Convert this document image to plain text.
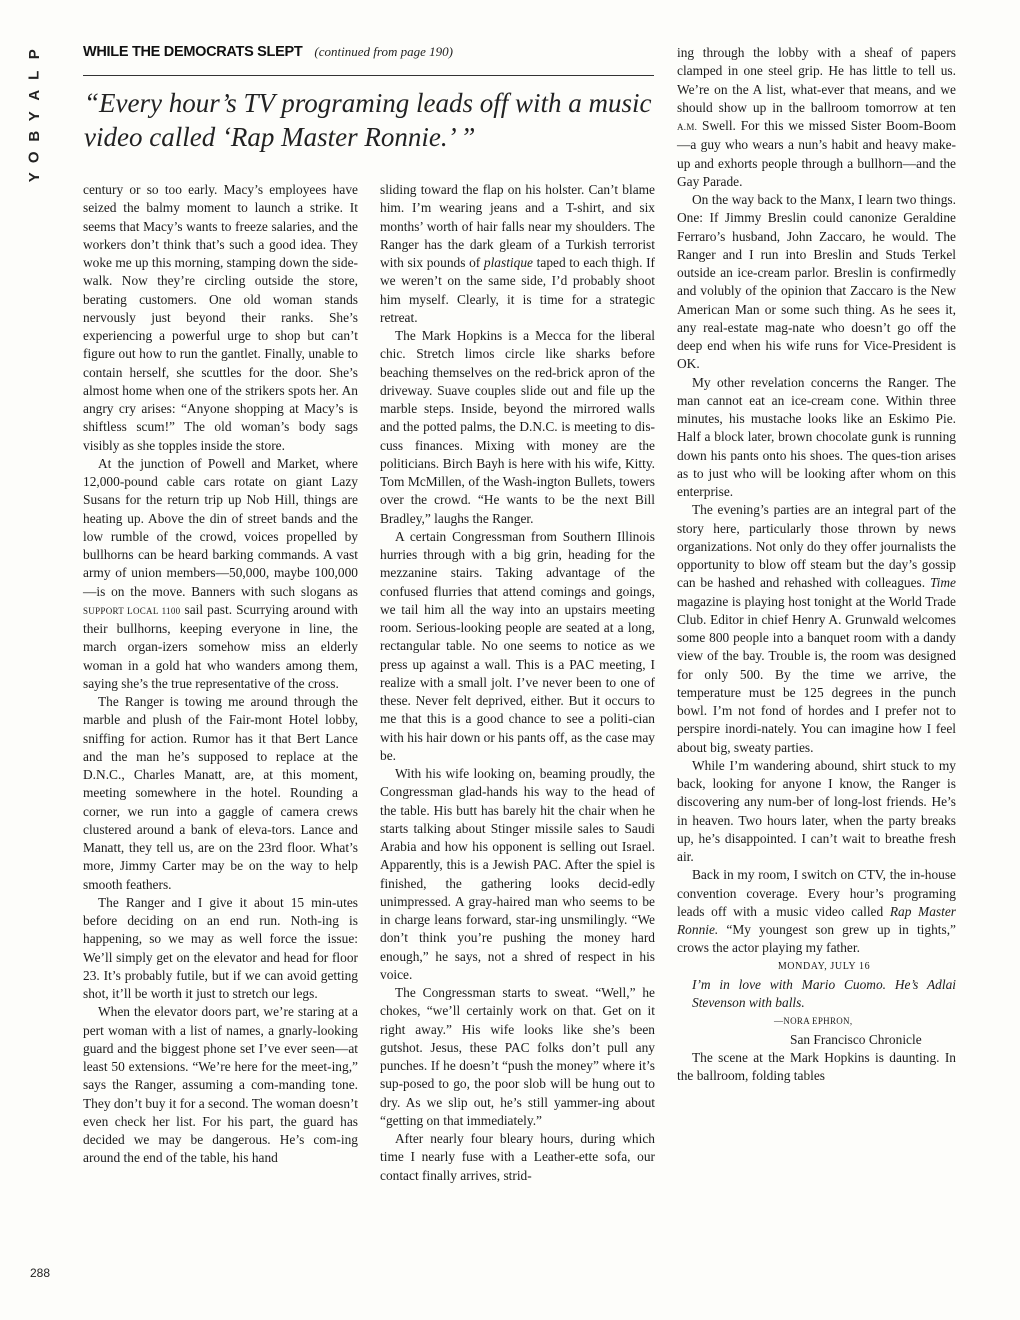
P
L
A
Y
B
O
Y
WHILE THE DEMOCRATS SLEPT (continued from page 190)
“Every hour’s TV programing leads off with a music video called ‘Rap Master Ronnie.’ ”

century or so too early. Macy’s employees have seized the balmy moment to launch a strike. It seems that Macy’s wants to freeze salaries, and the workers don’t think that’s such a good idea. They woke me up this morning, stamping down the side-walk. Now they’re circling outside the store, berating customers. One old woman stands nervously just beyond their ranks. She’s experiencing a powerful urge to shop but can’t figure out how to run the gantlet. Finally, unable to contain herself, she scuttles for the door. She’s almost home when one of the strikers spots her. An angry cry arises: “Anyone shopping at Macy’s is shiftless scum!” The old woman’s body sags visibly as she topples inside the store.

At the junction of Powell and Market, where 12,000-pound cable cars rotate on giant Lazy Susans for the return trip up Nob Hill, things are heating up. Above the din of street bands and the low rumble of the crowd, voices propelled by bullhorns can be heard barking commands. A vast army of union members—50,000, maybe 100,000—is on the move. Banners with such slogans as SUPPORT LOCAL 1100 sail past. Scurrying around with their bullhorns, keeping everyone in line, the march organ-izers somehow miss an elderly woman in a gold hat who wanders among them, saying she’s the true representative of the cross.

The Ranger is towing me around through the marble and plush of the Fair-mont Hotel lobby, sniffing for action. Rumor has it that Bert Lance and the man he’s supposed to replace at the D.N.C., Charles Manatt, are, at this moment, meeting somewhere in the hotel. Rounding a corner, we run into a gaggle of camera crews clustered around a bank of eleva-tors. Lance and Manatt, they tell us, are on the 23rd floor. What’s more, Jimmy Carter may be on the way to help smooth feathers.

The Ranger and I give it about 15 min-utes before deciding on an end run. Noth-ing is happening, so we may as well force the issue: We’ll simply get on the elevator and head for floor 23. It’s probably futile, but if we can avoid getting shot, it’ll be worth it just to stretch our legs.

When the elevator doors part, we’re staring at a pert woman with a list of names, a gnarly-looking guard and the biggest phone set I’ve ever seen—at least 50 extensions. “We’re here for the meet-ing,” says the Ranger, assuming a com-manding tone. They don’t buy it for a second. The woman doesn’t even check her list. For his part, the guard has decided we may be dangerous. He’s com-ing around the end of the table, his hand

sliding toward the flap on his holster. Can’t blame him. I’m wearing jeans and a T-shirt, and six months’ worth of hair falls near my shoulders. The Ranger has the dark gleam of a Turkish terrorist with six pounds of plastique taped to each thigh. If we weren’t on the same side, I’d probably shoot him myself. Clearly, it is time for a strategic retreat.

The Mark Hopkins is a Mecca for the liberal chic. Stretch limos circle like sharks before beaching themselves on the red-brick apron of the driveway. Suave couples slide out and file up the marble steps. Inside, beyond the mirrored walls and the potted palms, the D.N.C. is meeting to dis-cuss finances. Mixing with money are the politicians. Birch Bayh is here with his wife, Kitty. Tom McMillen, of the Wash-ington Bullets, towers over the crowd. “He wants to be the next Bill Bradley,” laughs the Ranger.

A certain Congressman from Southern Illinois hurries through with a big grin, heading for the mezzanine stairs. Taking advantage of the confused flurries that attend comings and goings, we tail him all the way into an upstairs meeting room. Serious-looking people are seated at a long, rectangular table. No one seems to notice as we press up against a wall. This is a PAC meeting, I realize with a small jolt. I’ve never been to one of these. Never felt deprived, either. But it occurs to me that this is a good chance to see a politi-cian with his hair down or his pants off, as the case may be.

With his wife looking on, beaming proudly, the Congressman glad-hands his way to the head of the table. His butt has barely hit the chair when he starts talking about Stinger missile sales to Saudi Arabia and how his opponent is selling out Israel. Apparently, this is a Jewish PAC. After the spiel is finished, the gathering looks decid-edly unimpressed. A gray-haired man who seems to be in charge leans forward, star-ing unsmilingly. “We don’t think you’re pushing the money hard enough,” he says, not a shred of respect in his voice.

The Congressman starts to sweat. “Well,” he chokes, “we’ll certainly work on that. Get on it right away.” His wife looks like she’s been gutshot. Jesus, these PAC folks don’t pull any punches. If he doesn’t “push the money” where it’s sup-posed to go, the poor slob will be hung out to dry. As we slip out, he’s still yammer-ing about “getting on that immediately.”

After nearly four bleary hours, during which time I nearly fuse with a Leather-ette sofa, our contact finally arrives, strid-

ing through the lobby with a sheaf of papers clamped in one steel grip. He has little to tell us. We’re on the A list, what-ever that means, and we should show up in the ballroom tomorrow at ten A.M. Swell. For this we missed Sister Boom-Boom—a guy who wears a nun’s habit and heavy make-up and exhorts people through a bullhorn—and the Gay Parade.

On the way back to the Manx, I learn two things. One: If Jimmy Breslin could canonize Geraldine Ferraro’s husband, John Zaccaro, he would. The Ranger and I run into Breslin and Studs Terkel outside an ice-cream parlor. Breslin is confirmedly and volubly of the opinion that Zaccaro is the New American Man or some such thing. As he sees it, any real-estate mag-nate who doesn’t go off the deep end when his wife runs for Vice-President is OK.

My other revelation concerns the Ranger. The man cannot eat an ice-cream cone. Within three minutes, his mustache looks like an Eskimo Pie. Half a block later, brown chocolate gunk is running down his pants onto his shoes. The ques-tion arises as to just who will be looking after whom on this enterprise.

The evening’s parties are an integral part of the story here, particularly those thrown by news organizations. Not only do they offer journalists the opportunity to blow off steam but the day’s gossip can be hashed and rehashed with colleagues. Time magazine is playing host tonight at the World Trade Club. Editor in chief Henry A. Grunwald welcomes some 800 people into a banquet room with a dandy view of the bay. Trouble is, the room was designed for only 500. By the time we arrive, the temperature must be 125 degrees in the punch bowl. I’m not fond of hordes and I prefer not to perspire inordi-nately. You can imagine how I feel about big, sweaty parties.

While I’m wandering abound, shirt stuck to my back, looking for anyone I know, the Ranger is discovering any num-ber of long-lost friends. He’s in heaven. Two hours later, when the party breaks up, he’s disappointed. I can’t wait to breathe fresh air.

Back in my room, I switch on CTV, the in-house convention coverage. Every hour’s programing leads off with a music video called Rap Master Ronnie. “My youngest son grew up in tights,” crows the actor playing my father.

MONDAY, JULY 16

I’m in love with Mario Cuomo. He’s Adlai Stevenson with balls.

—NORA EPHRON,

San Francisco Chronicle

The scene at the Mark Hopkins is daunting. In the ballroom, folding tables

288
